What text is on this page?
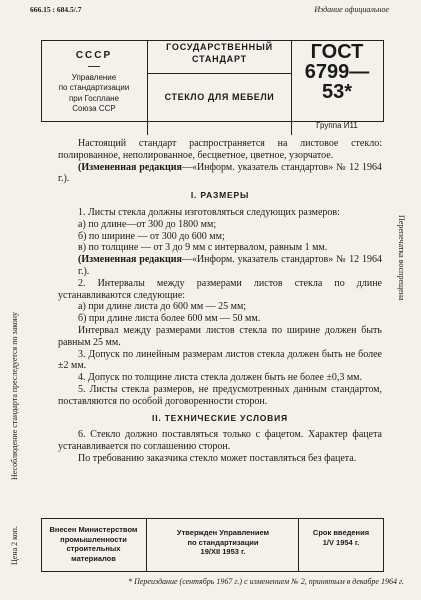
666.15 : 684.5/.7	Издание официальное
СССР
Управление
по стандартизации
при Госплане
Союза ССР
ГОСУДАРСТВЕННЫЙ
СТАНДАРТ
СТЕКЛО ДЛЯ МЕБЕЛИ
ГОСТ
6799—53*
Группа И11

Настоящий стандарт распространяется на листовое стекло: полированное, неполированное, бесцветное, цветное, узорчатое.

(Измененная редакция—«Информ. указатель стандартов» № 12 1964 г.).

I. РАЗМЕРЫ

1. Листы стекла должны изготовляться следующих размеров:

а) по длине—от 300 до 1800 мм;

б) по ширине — от 300 до 600 мм;

в) по толщине — от 3 до 9 мм с интервалом, равным 1 мм.

(Измененная редакция—«Информ. указатель стандартов» № 12 1964 г.).

2. Интервалы между размерами листов стекла по длине устанавливаются следующие:

а) при длине листа до 600 мм — 25 мм;

б) при длине листа более 600 мм — 50 мм.

Интервал между размерами листов стекла по ширине должен быть равным 25 мм.

3. Допуск по линейным размерам листов стекла должен быть не более ±2 мм.

4. Допуск по толщине листа стекла должен быть не более ±0,3 мм.

5. Листы стекла размеров, не предусмотренных данным стандартом, поставляются по особой договоренности сторон.

II. ТЕХНИЧЕСКИЕ УСЛОВИЯ

6. Стекло должно поставляться только с фацетом. Характер фацета устанавливается по соглашению сторон.

По требованию заказчика стекло может поставляться без фацета.

Несоблюдение стандарта преследуется по закону
Цена 2 коп.
Перепечатка воспрещена
Внесен Министерством
промышленности
строительных
материалов
Утвержден Управлением
по стандартизации
19/XII 1953 г.
Срок введения
1/V 1954 г.
* Переиздание (сентябрь 1967 г.) с изменением № 2, принятым в декабре 1964 г.
